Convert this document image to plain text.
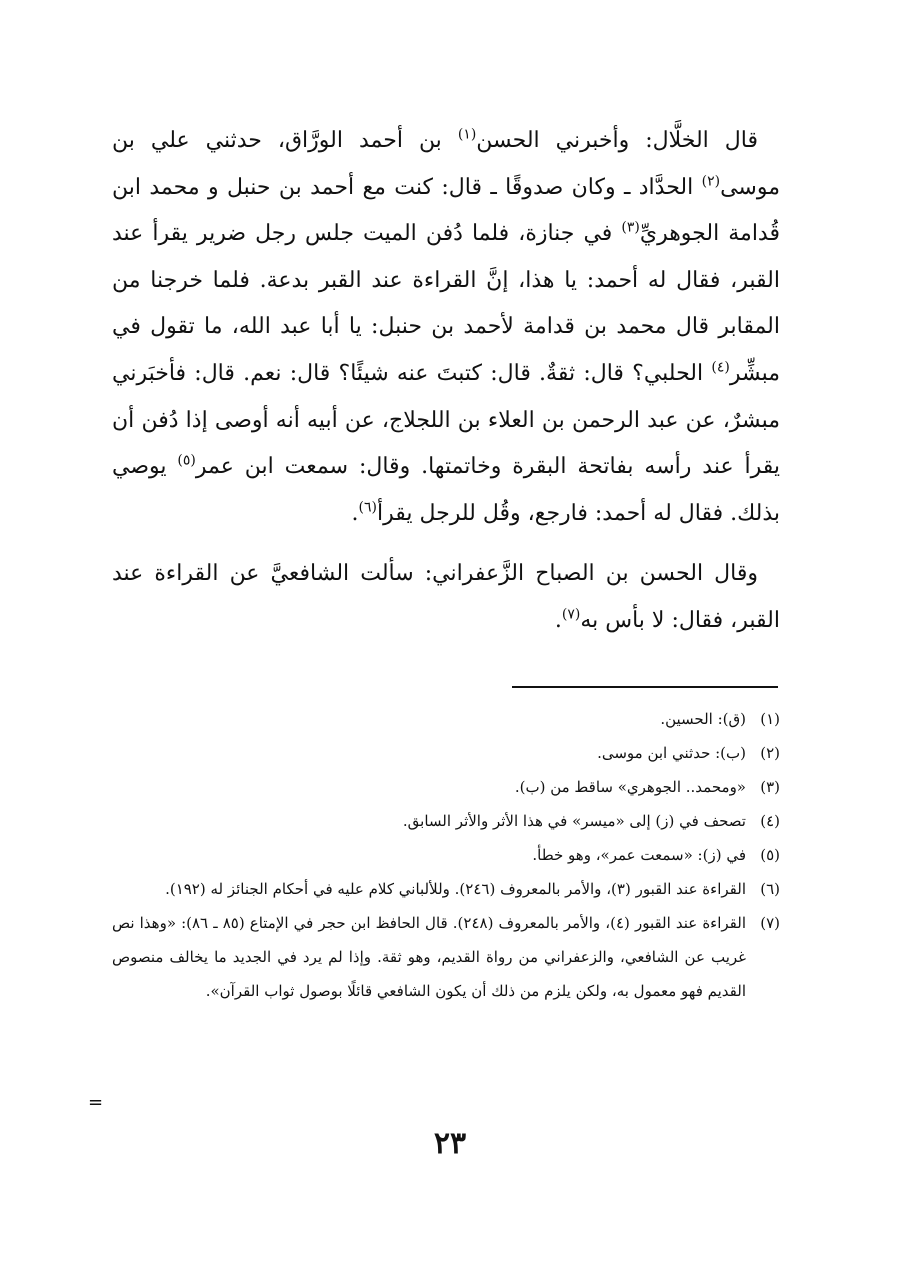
قال الخلَّال: وأخبرني الحسن$^{(١)}$ بن أحمد الورَّاق، حدثني علي بن موسى$^{(٢)}$ الحدَّاد ـ وكان صدوقًا ـ قال: كنت مع أحمد بن حنبل و محمد ابن قُدامة الجوهريِّ$^{(٣)}$ في جنازة، فلما دُفن الميت جلس رجل ضرير يقرأ عند القبر، فقال له أحمد: يا هذا، إنَّ القراءة عند القبر بدعة. فلما خرجنا من المقابر قال محمد بن قدامة لأحمد بن حنبل: يا أبا عبد الله، ما تقول في مبشِّر$^{(٤)}$ الحلبي؟ قال: ثقةٌ. قال: كتبتَ عنه شيئًا؟ قال: نعم. قال: فأخبَرني مبشرٌ، عن عبد الرحمن بن العلاء بن اللجلاج، عن أبيه أنه أوصى إذا دُفن أن يقرأ عند رأسه بفاتحة البقرة وخاتمتها. وقال: سمعت ابن عمر$^{(٥)}$ يوصي بذلك. فقال له أحمد: فارجع، وقُل للرجل يقرأ$^{(٦)}$.

وقال الحسن بن الصباح الزَّعفراني: سألت الشافعيَّ عن القراءة عند القبر، فقال: لا بأس به$^{(٧)}$.

(١)
(ق): الحسين.
(٢)
(ب): حدثني ابن موسى.
(٣)
«ومحمد.. الجوهري» ساقط من (ب).
(٤)
تصحف في (ز) إلى «ميسر» في هذا الأثر والأثر السابق.
(٥)
في (ز): «سمعت عمر»، وهو خطأ.
(٦)
القراءة عند القبور (٣)، والأمر بالمعروف (٢٤٦). وللألباني كلام عليه في أحكام الجنائز له (١٩٢).
(٧)
القراءة عند القبور (٤)، والأمر بالمعروف (٢٤٨). قال الحافظ ابن حجر في الإمتاع (٨٥ ـ ٨٦): «وهذا نص غريب عن الشافعي، والزعفراني من رواة القديم، وهو ثقة. وإذا لم يرد في الجديد ما يخالف منصوص القديم فهو معمول به، ولكن يلزم من ذلك أن يكون الشافعي قائلًا بوصول ثواب القرآن».
=
٢٣
